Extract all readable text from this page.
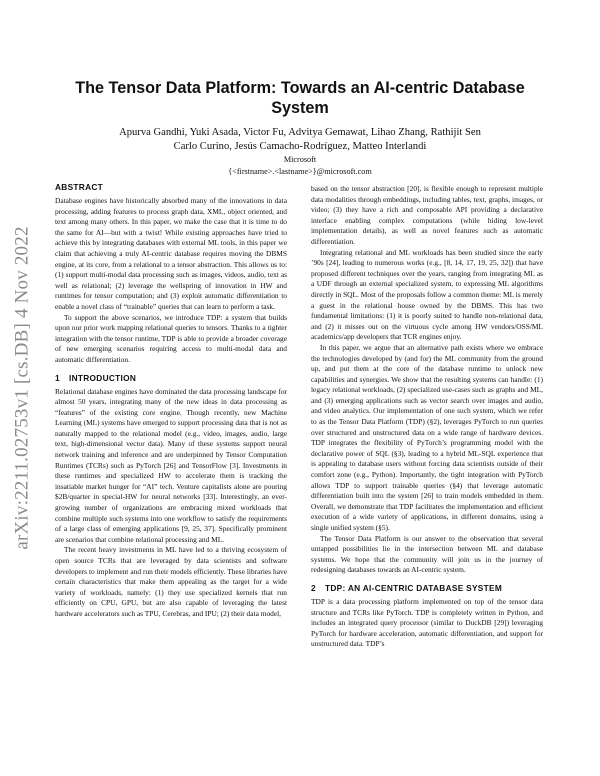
arXiv:2211.02753v1 [cs.DB] 4 Nov 2022
The Tensor Data Platform: Towards an AI-centric Database System
Apurva Gandhi, Yuki Asada, Victor Fu, Advitya Gemawat, Lihao Zhang, Rathijit Sen
Carlo Curino, Jesús Camacho-Rodríguez, Matteo Interlandi
Microsoft
{<firstname>.<lastname>}@microsoft.com
ABSTRACT

Database engines have historically absorbed many of the innovations in data processing, adding features to process graph data, XML, object oriented, and text among many others. In this paper, we make the case that it is time to do the same for AI—but with a twist! While existing approaches have tried to achieve this by integrating databases with external ML tools, in this paper we claim that achieving a truly AI-centric database requires moving the DBMS engine, at its core, from a relational to a tensor abstraction. This allows us to: (1) support multi-modal data processing such as images, videos, audio, text as well as relational; (2) leverage the wellspring of innovation in HW and runtimes for tensor computation; and (3) exploit automatic differentiation to enable a novel class of “trainable” queries that can learn to perform a task.

To support the above scenarios, we introduce TDP: a system that builds upon our prior work mapping relational queries to tensors. Thanks to a tighter integration with the tensor runtime, TDP is able to provide a broader coverage of new emerging scenarios requiring access to multi-modal data and automatic differentiation.

1 INTRODUCTION

Relational database engines have dominated the data processing landscape for almost 50 years, integrating many of the new ideas in data processing as “features” of the existing core engine. Though recently, new Machine Learning (ML) systems have emerged to support processing data that is not as naturally mapped to the relational model (e.g., video, images, audio, large text, high-dimensional vector data). Many of these systems support neural network training and inference and are underpinned by Tensor Computation Runtimes (TCRs) such as PyTorch [26] and TensorFlow [3]. Investments in these runtimes and specialized HW to accelerate them is tracking the insatiable market hunger for “AI” tech. Venture capitalists alone are pouring $2B/quarter in special-HW for neural networks [33]. Interestingly, an ever-growing number of organizations are embracing mixed workloads that combine multiple such systems into one workflow to satisfy the requirements of a large class of emerging applications [9, 25, 37]. Specifically prominent are scenarios that combine relational processing and ML.

The recent heavy investments in ML have led to a thriving ecosystem of open source TCRs that are leveraged by data scientists and software developers to implement and run their models efficiently. These libraries have certain characteristics that make them appealing as the target for a wide variety of workloads, namely: (1) they use specialized kernels that run efficiently on CPU, GPU, but are also capable of leveraging the latest hardware accelerators such as TPU, Cerebras, and IPU; (2) their data model,

based on the tensor abstraction [20], is flexible enough to represent multiple data modalities through embeddings, including tables, text, graphs, images, or video; (3) they have a rich and composable API providing a declarative interface enabling complex computations (while hiding low-level implementation details), as well as novel features such as automatic differentiation.

Integrating relational and ML workloads has been studied since the early ’90s [24], leading to numerous works (e.g., [8, 14, 17, 19, 25, 32]) that have proposed different techniques over the years, ranging from integrating ML as a UDF through an external specialized system, to expressing ML algorithms directly in SQL. Most of the proposals follow a common theme: ML is merely a guest in the relational house owned by the DBMS. This has two fundamental limitations: (1) it is poorly suited to handle non-relational data, and (2) it misses out on the virtuous cycle among HW vendors/OSS/ML academics/app developers that TCR engines enjoy.

In this paper, we argue that an alternative path exists where we embrace the technologies developed by (and for) the ML community from the ground up, and put them at the core of the database runtime to unlock new capabilities and synergies. We show that the resulting systems can handle: (1) legacy relational workloads, (2) specialized use-cases such as graphs and ML, and (3) emerging applications such as vector search over images and audio, and video analytics. Our implementation of one such system, which we refer to as the Tensor Data Platform (TDP) (§2), leverages PyTorch to run queries over structured and unstructured data on a wide range of hardware devices. TDP integrates the flexibility of PyTorch’s programming model with the declarative power of SQL (§3), leading to a hybrid ML-SQL experience that is appealing to database users without forcing data scientists outside of their comfort zone (e.g., Python). Importantly, the tight integration with PyTorch allows TDP to support trainable queries (§4) that leverage automatic differentiation built into the system [26] to train models embedded in them. Overall, we demonstrate that TDP facilitates the implementation and efficient execution of a wide variety of applications, in different domains, using a single unified system (§5).

The Tensor Data Platform is our answer to the observation that several untapped possibilities lie in the intersection between ML and database systems. We hope that the community will join us in the journey of redesigning databases towards an AI-centric system.

2 TDP: AN AI-CENTRIC DATABASE SYSTEM

TDP is a data processing platform implemented on top of the tensor data structure and TCRs like PyTorch. TDP is completely written in Python, and includes an integrated query processor (similar to DuckDB [29]) leveraging PyTorch for hardware acceleration, automatic differentiation, and support for unstructured data. TDP’s
